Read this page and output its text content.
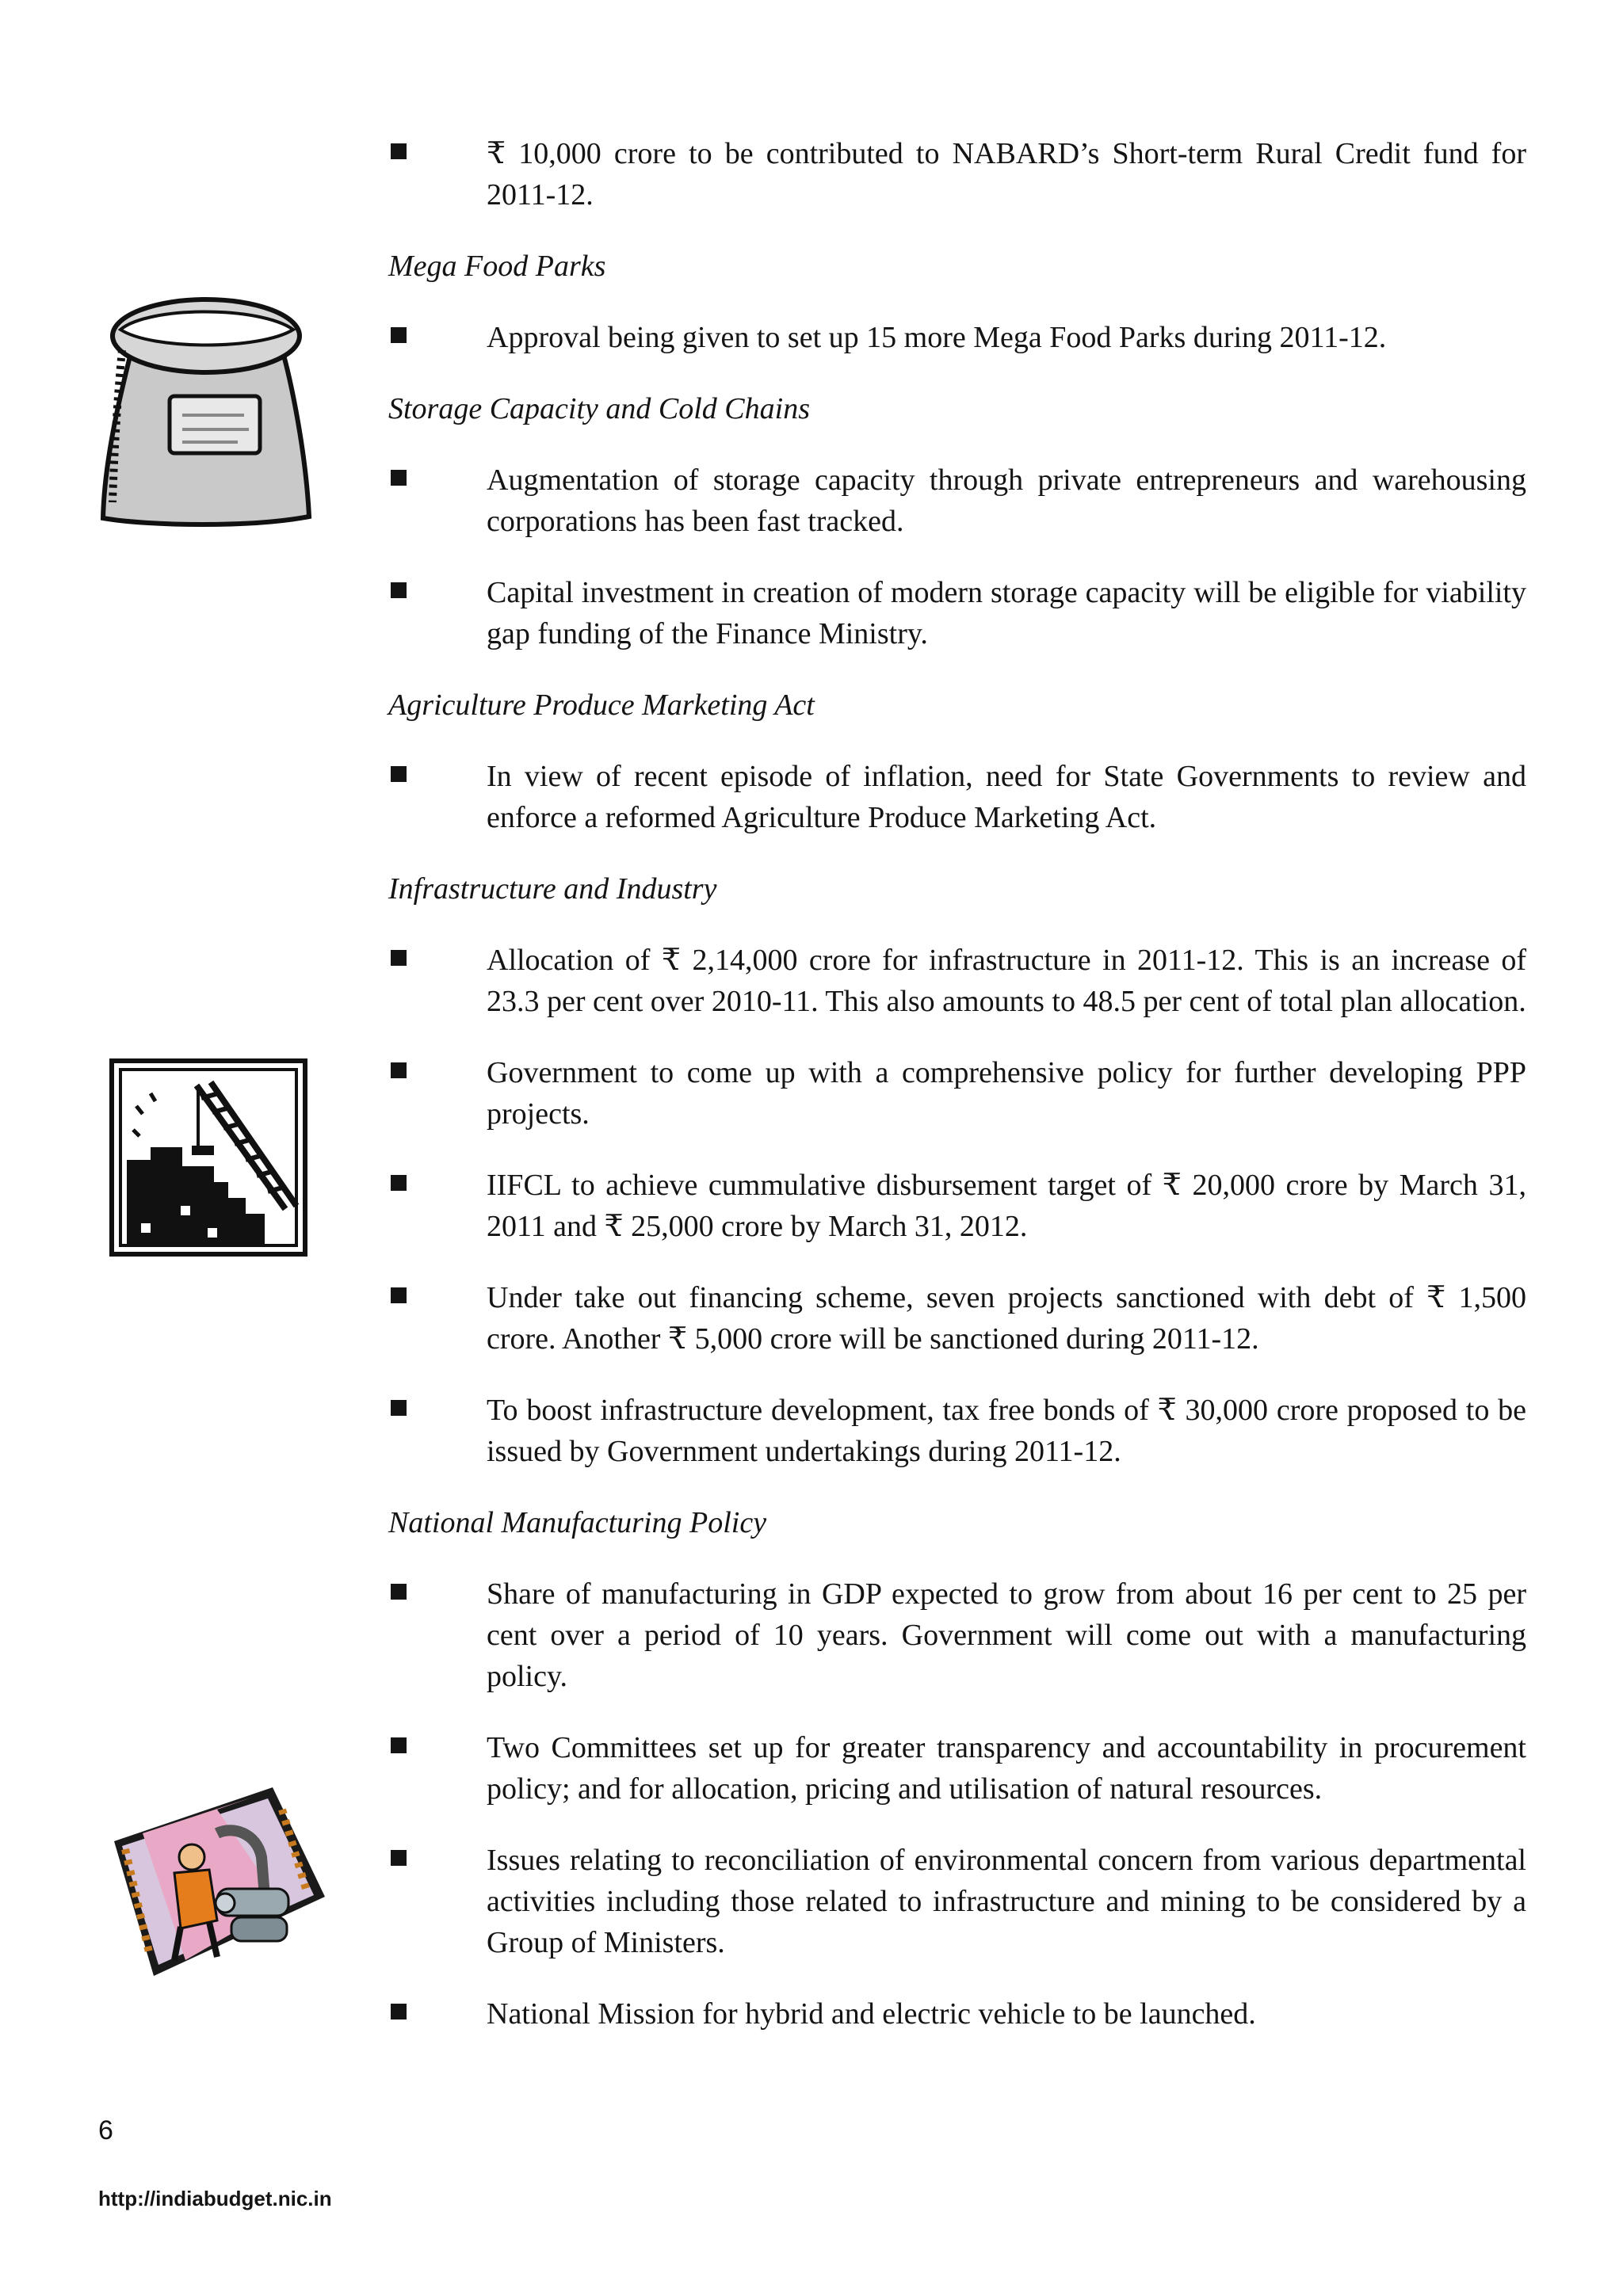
₹ 10,000 crore to be contributed to NABARD’s Short-term Rural Credit fund for 2011-12.
Mega Food Parks
Approval being given to set up 15 more Mega Food Parks during 2011-12.
Storage Capacity and Cold Chains
Augmentation of storage capacity through private entrepreneurs and warehousing corporations has been fast tracked.
Capital investment in creation of modern storage capacity will be eligible for viability gap funding of the Finance Ministry.
Agriculture Produce Marketing Act
In view of recent episode of inflation, need for State Governments to review and enforce a reformed Agriculture Produce Marketing Act.
Infrastructure and Industry
Allocation of ₹ 2,14,000 crore for infrastructure in 2011-12. This is an increase of 23.3 per cent over 2010-11. This also amounts to 48.5 per cent of total plan allocation.
Government to come up with a comprehensive policy for further developing PPP projects.
IIFCL to achieve cummulative disbursement target of ₹ 20,000 crore by March 31, 2011 and ₹ 25,000 crore by March 31, 2012.
Under take out financing scheme, seven projects sanctioned with debt of ₹ 1,500 crore. Another ₹ 5,000 crore will be sanctioned during 2011-12.
To boost infrastructure development, tax free bonds of ₹ 30,000 crore proposed to be issued by Government undertakings during 2011-12.
National Manufacturing Policy
Share of manufacturing in GDP expected to grow from about 16 per cent to 25 per cent over a period of 10 years. Government will come out with a manufacturing policy.
Two Committees set up for greater transparency and accountability in procurement policy; and for allocation, pricing and utilisation of natural resources.
Issues relating to reconciliation of environmental concern from various departmental activities including those related to infrastructure and mining to be considered by a Group of Ministers.
National Mission for hybrid and electric vehicle to be launched.
6
http://indiabudget.nic.in
